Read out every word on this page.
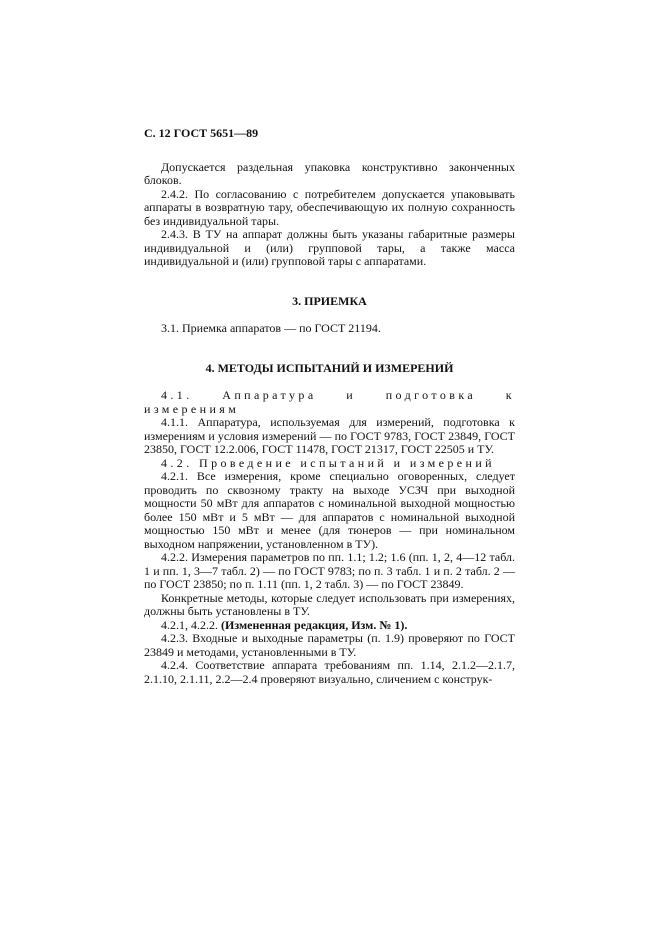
С. 12 ГОСТ 5651—89

Допускается раздельная упаковка конструктивно законченных блоков.

2.4.2. По согласованию с потребителем допускается упаковывать аппараты в возвратную тару, обеспечивающую их полную сохранность без индивидуальной тары.

2.4.3. В ТУ на аппарат должны быть указаны габаритные размеры индивидуальной и (или) групповой тары, а также масса индивидуальной и (или) групповой тары с аппаратами.

3. ПРИЕМКА

3.1. Приемка аппаратов — по ГОСТ 21194.

4. МЕТОДЫ ИСПЫТАНИЙ И ИЗМЕРЕНИЙ

4.1. Аппаратура и подготовка к измерениям

4.1.1. Аппаратура, используемая для измерений, подготовка к измерениям и условия измерений — по ГОСТ 9783, ГОСТ 23849, ГОСТ 23850, ГОСТ 12.2.006, ГОСТ 11478, ГОСТ 21317, ГОСТ 22505 и ТУ.

4.2. Проведение испытаний и измерений

4.2.1. Все измерения, кроме специально оговоренных, следует проводить по сквозному тракту на выходе УСЗЧ при выходной мощности 50 мВт для аппаратов с номинальной выходной мощностью более 150 мВт и 5 мВт — для аппаратов с номинальной выходной мощностью 150 мВт и менее (для тюнеров — при номинальном выходном напряжении, установленном в ТУ).

4.2.2. Измерения параметров по пп. 1.1; 1.2; 1.6 (пп. 1, 2, 4—12 табл. 1 и пп. 1, 3—7 табл. 2) — по ГОСТ 9783; по п. 3 табл. 1 и п. 2 табл. 2 — по ГОСТ 23850; по п. 1.11 (пп. 1, 2 табл. 3) — по ГОСТ 23849.

Конкретные методы, которые следует использовать при измерениях, должны быть установлены в ТУ.

4.2.1, 4.2.2. (Измененная редакция, Изм. № 1).

4.2.3. Входные и выходные параметры (п. 1.9) проверяют по ГОСТ 23849 и методами, установленными в ТУ.

4.2.4. Соответствие аппарата требованиям пп. 1.14, 2.1.2—2.1.7, 2.1.10, 2.1.11, 2.2—2.4 проверяют визуально, сличением с конструк-
